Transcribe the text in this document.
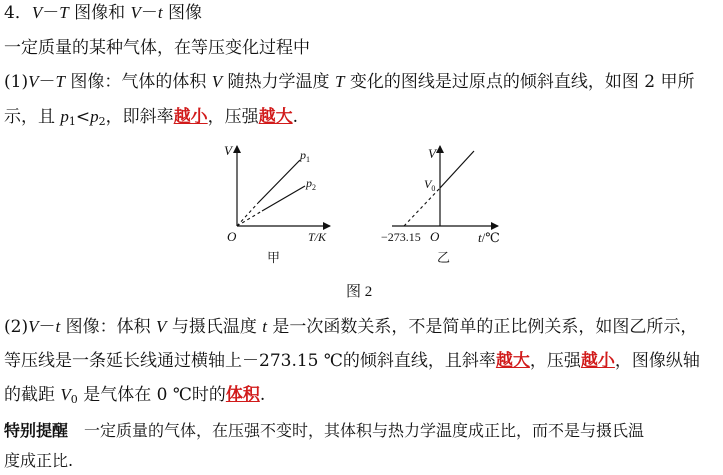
4．V－T 图像和 V－t 图像
一定质量的某种气体，在等压变化过程中
(1)V－T 图像：气体的体积 V 随热力学温度 T 变化的图线是过原点的倾斜直线，如图 2 甲所
示，且 $p_1<p_2$，即斜率越小，压强越大.
V	$p_1$
$p_2$
O	T/K
甲
V
$V_0$
−273.15 O	t/℃
乙
图 2
(2)V－t 图像：体积 V 与摄氏温度 t 是一次函数关系，不是简单的正比例关系，如图乙所示，
等压线是一条延长线通过横轴上－273.15 ℃的倾斜直线，且斜率越大，压强越小，图像纵轴
的截距 $V_0$ 是气体在 0 ℃时的体积.
特别提醒　一定质量的气体，在压强不变时，其体积与热力学温度成正比，而不是与摄氏温
度成正比.
